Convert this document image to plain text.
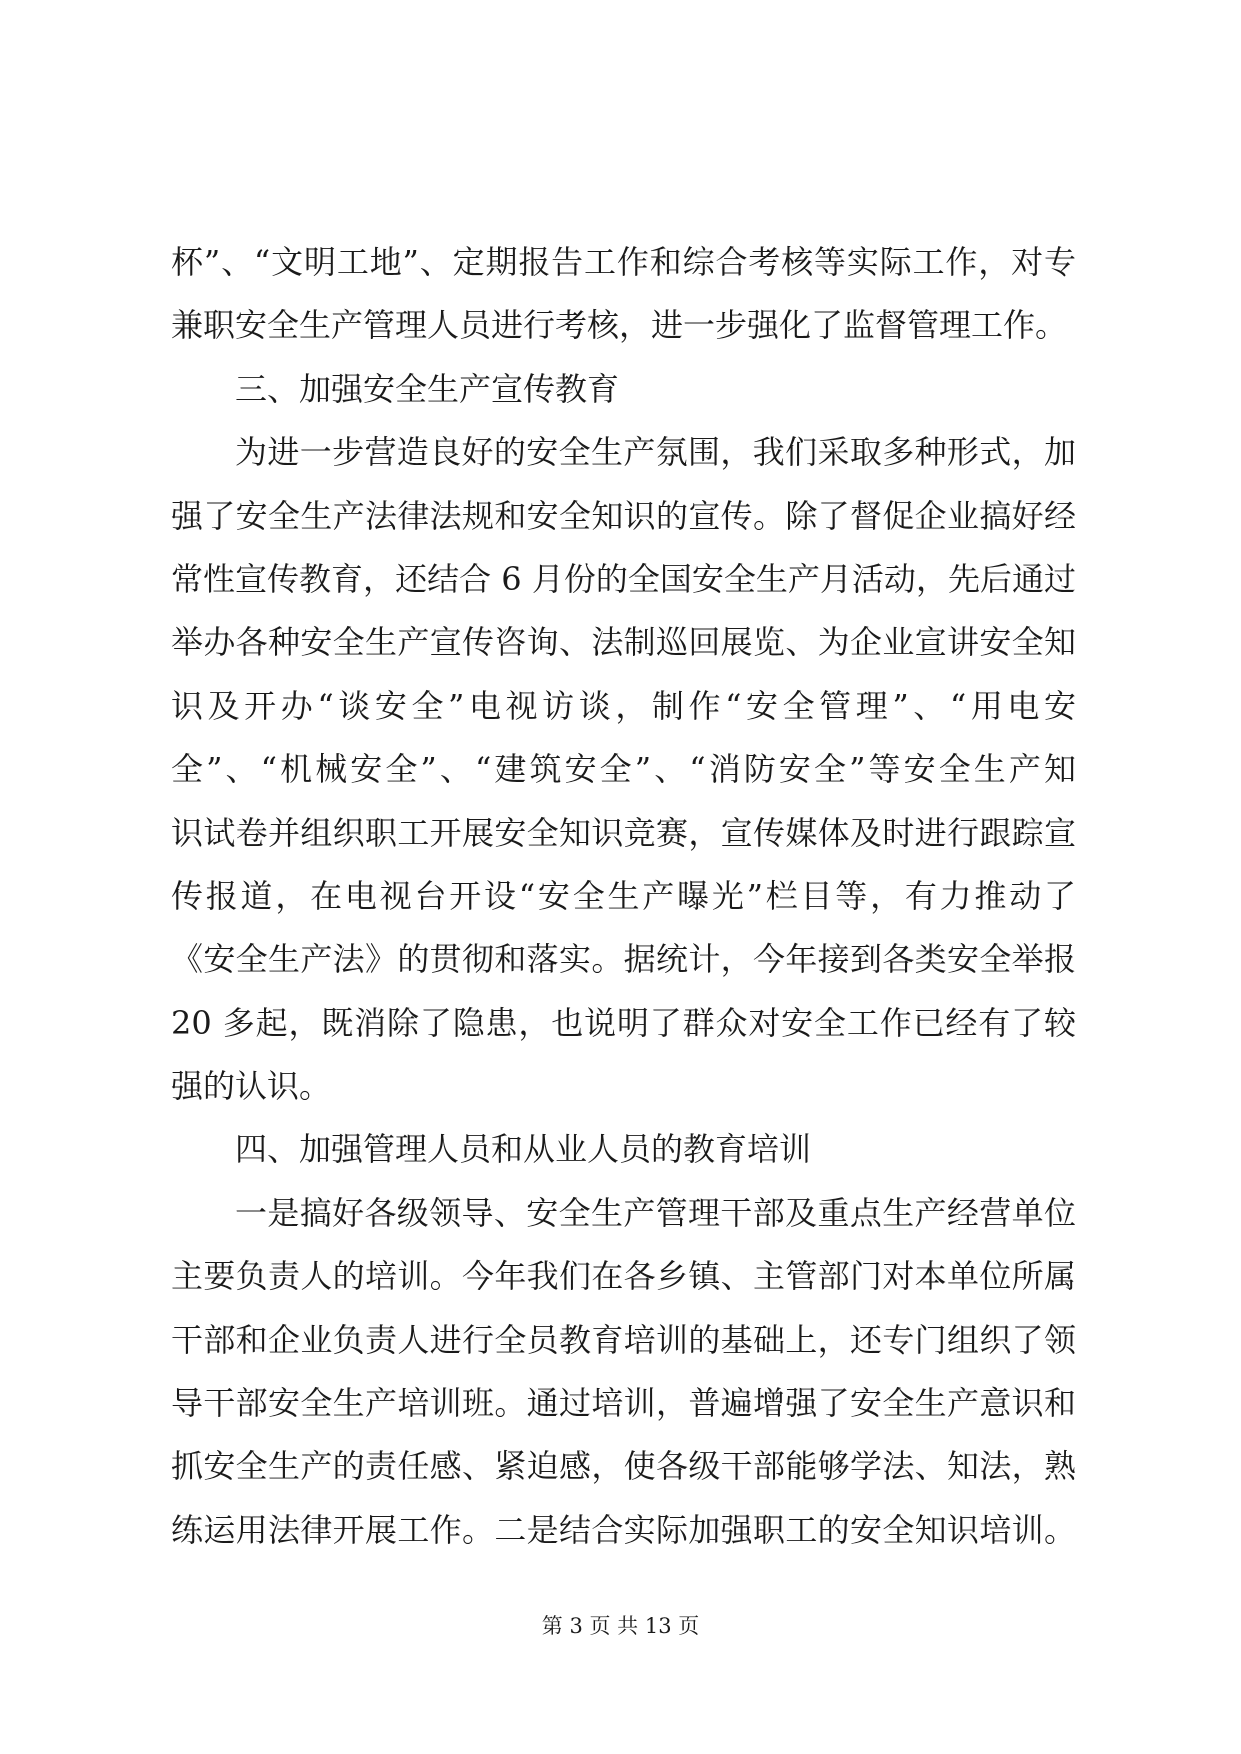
杯”、“文明工地”、定期报告工作和综合考核等实际工作，对专
兼职安全生产管理人员进行考核，进一步强化了监督管理工作。
三、加强安全生产宣传教育
为进一步营造良好的安全生产氛围，我们采取多种形式，加
强了安全生产法律法规和安全知识的宣传。除了督促企业搞好经
常性宣传教育，还结合 6 月份的全国安全生产月活动，先后通过
举办各种安全生产宣传咨询、法制巡回展览、为企业宣讲安全知
识及开办“谈安全”电视访谈，制作“安全管理”、“用电安
全”、“机械安全”、“建筑安全”、“消防安全”等安全生产知
识试卷并组织职工开展安全知识竞赛，宣传媒体及时进行跟踪宣
传报道，在电视台开设“安全生产曝光”栏目等，有力推动了
《安全生产法》的贯彻和落实。据统计，今年接到各类安全举报
20 多起，既消除了隐患，也说明了群众对安全工作已经有了较
强的认识。
四、加强管理人员和从业人员的教育培训
一是搞好各级领导、安全生产管理干部及重点生产经营单位
主要负责人的培训。今年我们在各乡镇、主管部门对本单位所属
干部和企业负责人进行全员教育培训的基础上，还专门组织了领
导干部安全生产培训班。通过培训，普遍增强了安全生产意识和
抓安全生产的责任感、紧迫感，使各级干部能够学法、知法，熟
练运用法律开展工作。二是结合实际加强职工的安全知识培训。
第 3 页 共 13 页
